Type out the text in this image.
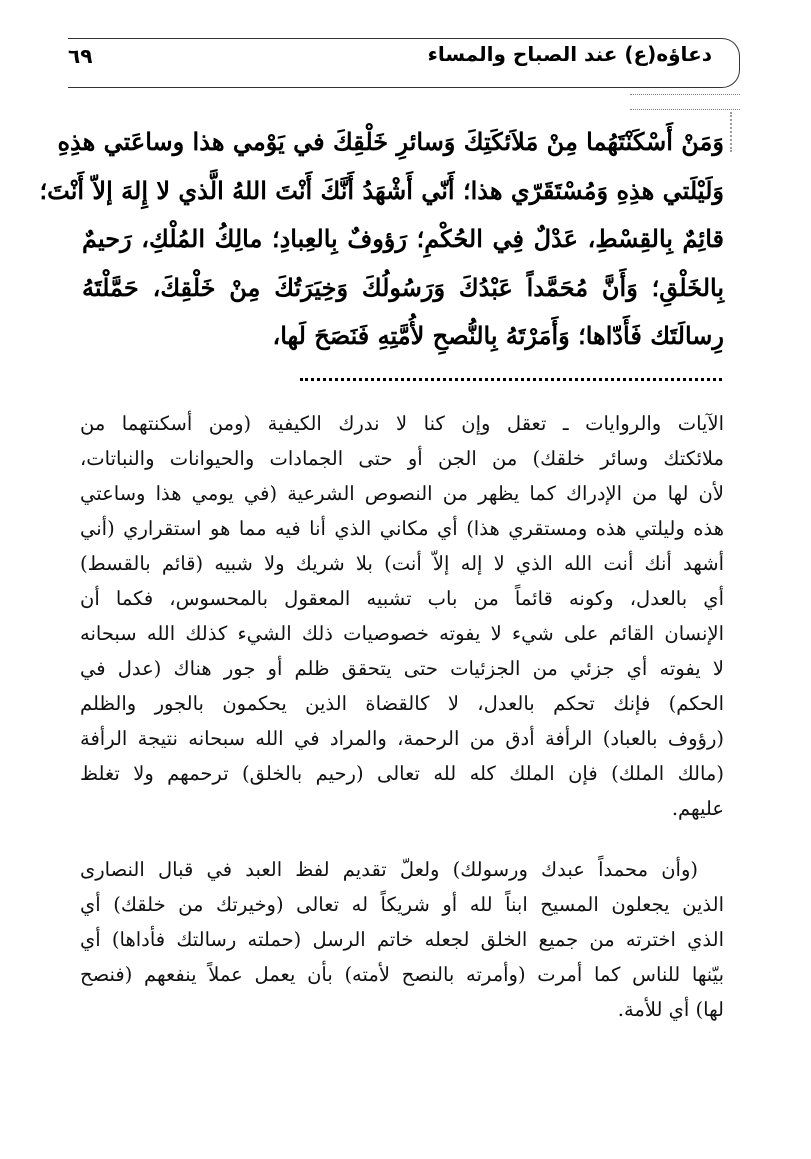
٦٩	دعاؤه(ع) عند الصباح والمساء
وَمَنْ أَسْكَنْتَهُما مِنْ مَلاَئكَتِكَ وَسائرِ خَلْقِكَ في يَوْمي هذا وساعَتي هذِهِ
وَلَيْلَتي هذِهِ وَمُسْتَقَرّي هذا؛ أَنّي أَشْهَدُ أَنَّكَ أَنْتَ اللهُ الَّذي لا إِلهَ إلاّ أَنْتَ؛
قائِمٌ بِالقِسْطِ، عَدْلٌ فِي الحُكْمِ؛ رَؤوفٌ بِالعِبادِ؛ مالِكُ المُلْكِ، رَحيمٌ
بِالخَلْقِ؛ وَأَنَّ مُحَمَّداً عَبْدُكَ وَرَسُولُكَ وَخِيَرَتُكَ مِنْ خَلْقِكَ، حَمَّلْتَهُ
رِسالَتَك فَأَدّاها؛ وَأَمَرْتَهُ بِالنُّصحِ لأُمَّتِهِ فَنَصَحَ لَها،

الآيات والروايات ـ تعقل وإن كنا لا ندرك الكيفية (ومن أسكنتهما من
ملائكتك وسائر خلقك) من الجن أو حتى الجمادات والحيوانات والنباتات،
لأن لها من الإدراك كما يظهر من النصوص الشرعية (في يومي هذا وساعتي
هذه وليلتي هذه ومستقري هذا) أي مكاني الذي أنا فيه مما هو استقراري (أني
أشهد أنك أنت الله الذي لا إله إلاّ أنت) بلا شريك ولا شبيه (قائم بالقسط)
أي بالعدل، وكونه قائماً من باب تشبيه المعقول بالمحسوس، فكما أن
الإنسان القائم على شيء لا يفوته خصوصيات ذلك الشيء كذلك الله سبحانه
لا يفوته أي جزئي من الجزئيات حتى يتحقق ظلم أو جور هناك (عدل في
الحكم) فإنك تحكم بالعدل، لا كالقضاة الذين يحكمون بالجور والظلم
(رؤوف بالعباد) الرأفة أدق من الرحمة، والمراد في الله سبحانه نتيجة الرأفة
(مالك الملك) فإن الملك كله لله تعالى (رحيم بالخلق) ترحمهم ولا تغلظ
عليهم.

(وأن محمداً عبدك ورسولك) ولعلّ تقديم لفظ العبد في قبال النصارى
الذين يجعلون المسيح ابناً لله أو شريكاً له تعالى (وخيرتك من خلقك) أي
الذي اخترته من جميع الخلق لجعله خاتم الرسل (حملته رسالتك فأداها) أي
بيّنها للناس كما أمرت (وأمرته بالنصح لأمته) بأن يعمل عملاً ينفعهم (فنصح
لها) أي للأمة.
